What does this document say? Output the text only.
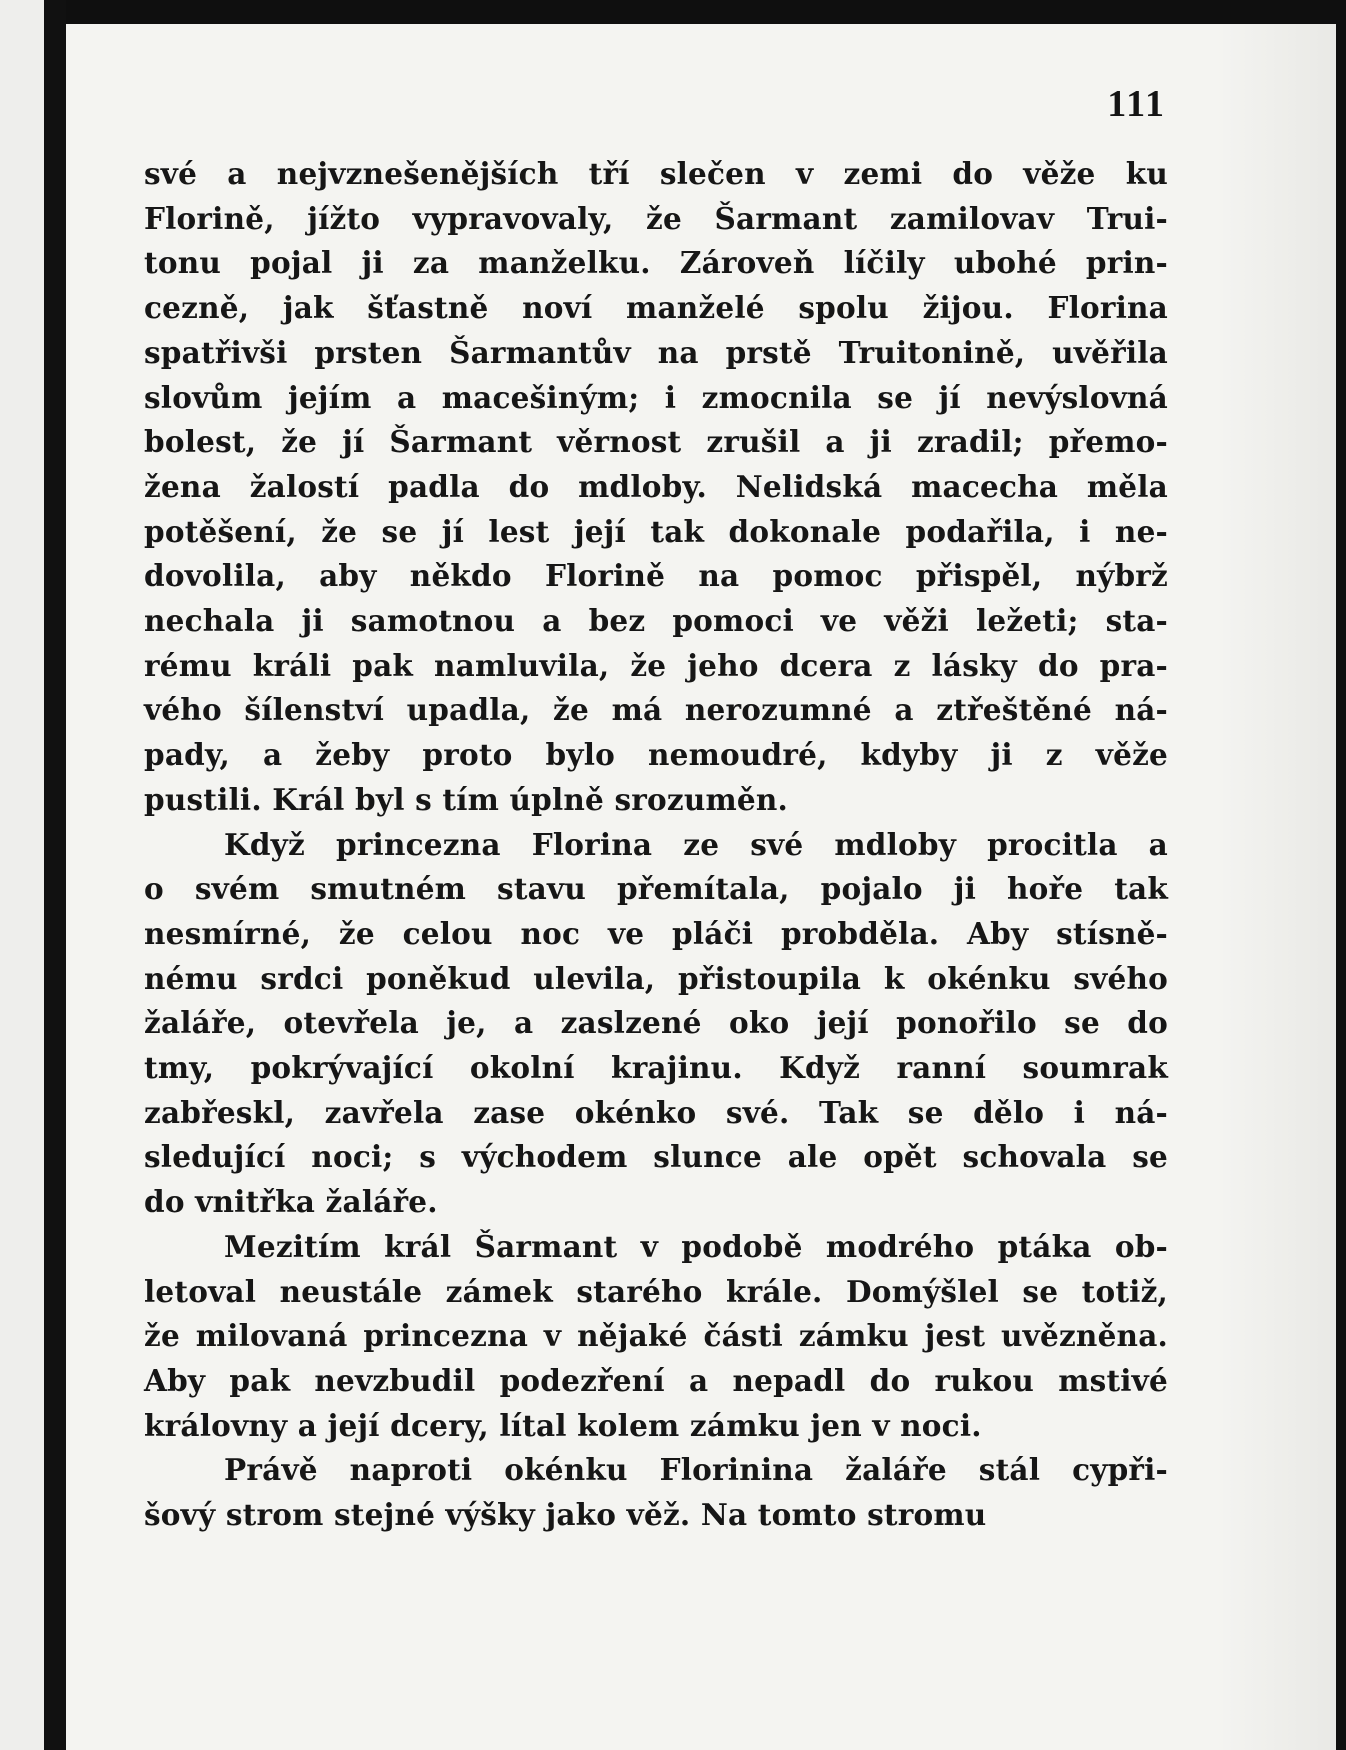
111
své a nejvznešenějších tří slečen v zemi do věže ku
Florině, jížto vypravovaly, že Šarmant zamilovav Trui-
tonu pojal ji za manželku. Zároveň líčily ubohé prin-
cezně, jak šťastně noví manželé spolu žijou. Florina
spatřivši prsten Šarmantův na prstě Truitonině, uvěřila
slovům jejím a macešiným; i zmocnila se jí nevýslovná
bolest, že jí Šarmant věrnost zrušil a ji zradil; přemo-
žena žalostí padla do mdloby. Nelidská macecha měla
potěšení, že se jí lest její tak dokonale podařila, i ne-
dovolila, aby někdo Florině na pomoc přispěl, nýbrž
nechala ji samotnou a bez pomoci ve věži ležeti; sta-
rému králi pak namluvila, že jeho dcera z lásky do pra-
vého šílenství upadla, že má nerozumné a ztřeštěné ná-
pady, a žeby proto bylo nemoudré, kdyby ji z věže
pustili. Král byl s tím úplně srozuměn.
Když princezna Florina ze své mdloby procitla a
o svém smutném stavu přemítala, pojalo ji hoře tak
nesmírné, že celou noc ve pláči probděla. Aby stísně-
nému srdci poněkud ulevila, přistoupila k okénku svého
žaláře, otevřela je, a zaslzené oko její ponořilo se do
tmy, pokrývající okolní krajinu. Když ranní soumrak
zabřeskl, zavřela zase okénko své. Tak se dělo i ná-
sledující noci; s východem slunce ale opět schovala se
do vnitřka žaláře.
Mezitím král Šarmant v podobě modrého ptáka ob-
letoval neustále zámek starého krále. Domýšlel se totiž,
že milovaná princezna v nějaké části zámku jest uvězněna.
Aby pak nevzbudil podezření a nepadl do rukou mstivé
královny a její dcery, lítal kolem zámku jen v noci.
Právě naproti okénku Florinina žaláře stál cypři-
šový strom stejné výšky jako věž. Na tomto stromu
